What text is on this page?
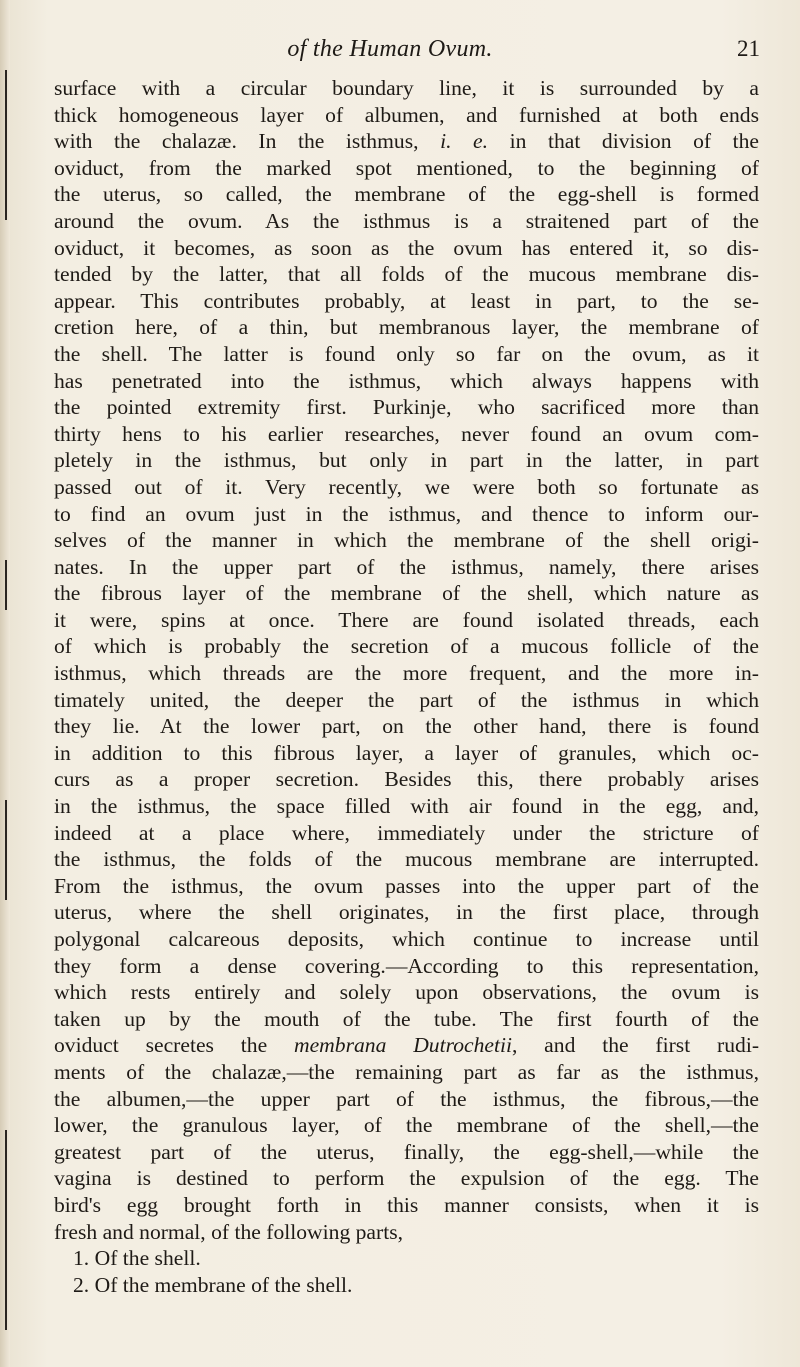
of the Human Ovum.	21
surface with a circular boundary line, it is surrounded by a
thick homogeneous layer of albumen, and furnished at both ends
with the chalazæ. In the isthmus, i. e. in that division of the
oviduct, from the marked spot mentioned, to the beginning of
the uterus, so called, the membrane of the egg-shell is formed
around the ovum. As the isthmus is a straitened part of the
oviduct, it becomes, as soon as the ovum has entered it, so dis-
tended by the latter, that all folds of the mucous membrane dis-
appear. This contributes probably, at least in part, to the se-
cretion here, of a thin, but membranous layer, the membrane of
the shell. The latter is found only so far on the ovum, as it
has penetrated into the isthmus, which always happens with
the pointed extremity first. Purkinje, who sacrificed more than
thirty hens to his earlier researches, never found an ovum com-
pletely in the isthmus, but only in part in the latter, in part
passed out of it. Very recently, we were both so fortunate as
to find an ovum just in the isthmus, and thence to inform our-
selves of the manner in which the membrane of the shell origi-
nates. In the upper part of the isthmus, namely, there arises
the fibrous layer of the membrane of the shell, which nature as
it were, spins at once. There are found isolated threads, each
of which is probably the secretion of a mucous follicle of the
isthmus, which threads are the more frequent, and the more in-
timately united, the deeper the part of the isthmus in which
they lie. At the lower part, on the other hand, there is found
in addition to this fibrous layer, a layer of granules, which oc-
curs as a proper secretion. Besides this, there probably arises
in the isthmus, the space filled with air found in the egg, and,
indeed at a place where, immediately under the stricture of
the isthmus, the folds of the mucous membrane are interrupted.
From the isthmus, the ovum passes into the upper part of the
uterus, where the shell originates, in the first place, through
polygonal calcareous deposits, which continue to increase until
they form a dense covering.—According to this representation,
which rests entirely and solely upon observations, the ovum is
taken up by the mouth of the tube. The first fourth of the
oviduct secretes the membrana Dutrochetii, and the first rudi-
ments of the chalazæ,—the remaining part as far as the isthmus,
the albumen,—the upper part of the isthmus, the fibrous,—the
lower, the granulous layer, of the membrane of the shell,—the
greatest part of the uterus, finally, the egg-shell,—while the
vagina is destined to perform the expulsion of the egg. The
bird's egg brought forth in this manner consists, when it is
fresh and normal, of the following parts,
1. Of the shell.
2. Of the membrane of the shell.
